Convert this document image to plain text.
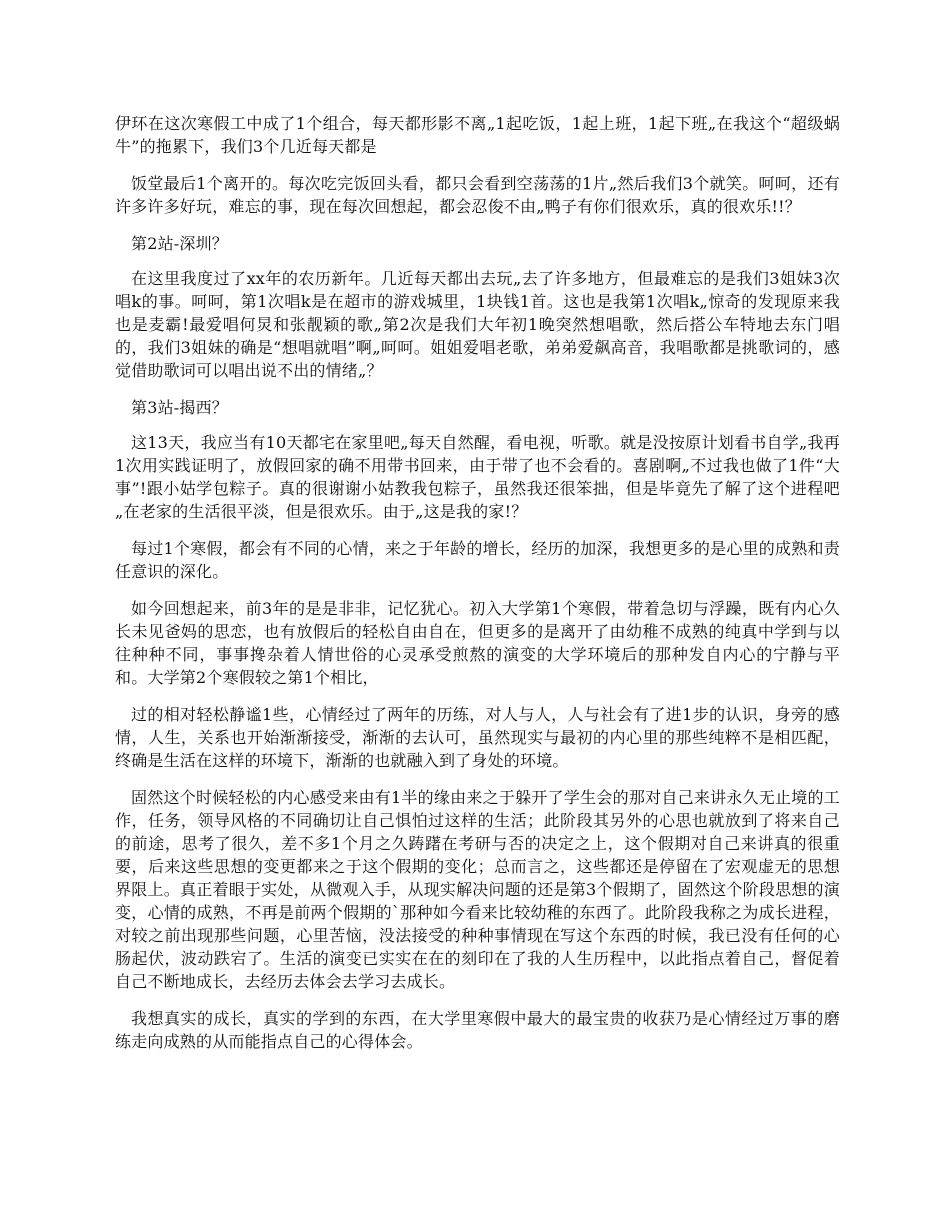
伊环在这次寒假工中成了1个组合，每天都形影不离„1起吃饭，1起上班，1起下班„在我这个“超级蜗牛”的拖累下，我们3个几近每天都是

饭堂最后1个离开的。每次吃完饭回头看，都只会看到空荡荡的1片„然后我们3个就笑。呵呵，还有许多许多好玩，难忘的事，现在每次回想起，都会忍俊不由„鸭子有你们很欢乐，真的很欢乐!!？

第2站-深圳？

在这里我度过了xx年的农历新年。几近每天都出去玩„去了许多地方，但最难忘的是我们3姐妹3次唱k的事。呵呵，第1次唱k是在超市的游戏城里，1块钱1首。这也是我第1次唱k„惊奇的发现原来我也是麦霸!最爱唱何炅和张靓颖的歌„第2次是我们大年初1晚突然想唱歌，然后搭公车特地去东门唱的，我们3姐妹的确是“想唱就唱”啊„呵呵。姐姐爱唱老歌，弟弟爱飙高音，我唱歌都是挑歌词的，感觉借助歌词可以唱出说不出的情绪„？

第3站-揭西？

这13天，我应当有10天都宅在家里吧„每天自然醒，看电视，听歌。就是没按原计划看书自学„我再1次用实践证明了，放假回家的确不用带书回来，由于带了也不会看的。喜剧啊„不过我也做了1件“大事”!跟小姑学包粽子。真的很谢谢小姑教我包粽子，虽然我还很笨拙，但是毕竟先了解了这个进程吧„在老家的生活很平淡，但是很欢乐。由于„这是我的家!？

每过1个寒假，都会有不同的心情，来之于年龄的增长，经历的加深，我想更多的是心里的成熟和责任意识的深化。

如今回想起来，前3年的是是非非，记忆犹心。初入大学第1个寒假，带着急切与浮躁，既有内心久长未见爸妈的思恋，也有放假后的轻松自由自在，但更多的是离开了由幼稚不成熟的纯真中学到与以往种种不同，事事搀杂着人情世俗的心灵承受煎熬的演变的大学环境后的那种发自内心的宁静与平和。大学第2个寒假较之第1个相比，

过的相对轻松静谧1些，心情经过了两年的历练，对人与人，人与社会有了进1步的认识，身旁的感情，人生，关系也开始渐渐接受，渐渐的去认可，虽然现实与最初的内心里的那些纯粹不是相匹配，终确是生活在这样的环境下，渐渐的也就融入到了身处的环境。

固然这个时候轻松的内心感受来由有1半的缘由来之于躲开了学生会的那对自己来讲永久无止境的工作，任务，领导风格的不同确切让自己惧怕过这样的生活；此阶段其另外的心思也就放到了将来自己的前途，思考了很久，差不多1个月之久踌躇在考研与否的决定之上，这个假期对自己来讲真的很重要，后来这些思想的变更都来之于这个假期的变化；总而言之，这些都还是停留在了宏观虚无的思想界限上。真正着眼于实处，从微观入手，从现实解决问题的还是第3个假期了，固然这个阶段思想的演变，心情的成熟，不再是前两个假期的`那种如今看来比较幼稚的东西了。此阶段我称之为成长进程，对较之前出现那些问题，心里苦恼，没法接受的种种事情现在写这个东西的时候，我已没有任何的心肠起伏，波动跌宕了。生活的演变已实实在在的刻印在了我的人生历程中，以此指点着自己，督促着自己不断地成长，去经历去体会去学习去成长。

我想真实的成长，真实的学到的东西，在大学里寒假中最大的最宝贵的收获乃是心情经过万事的磨练走向成熟的从而能指点自己的心得体会。
